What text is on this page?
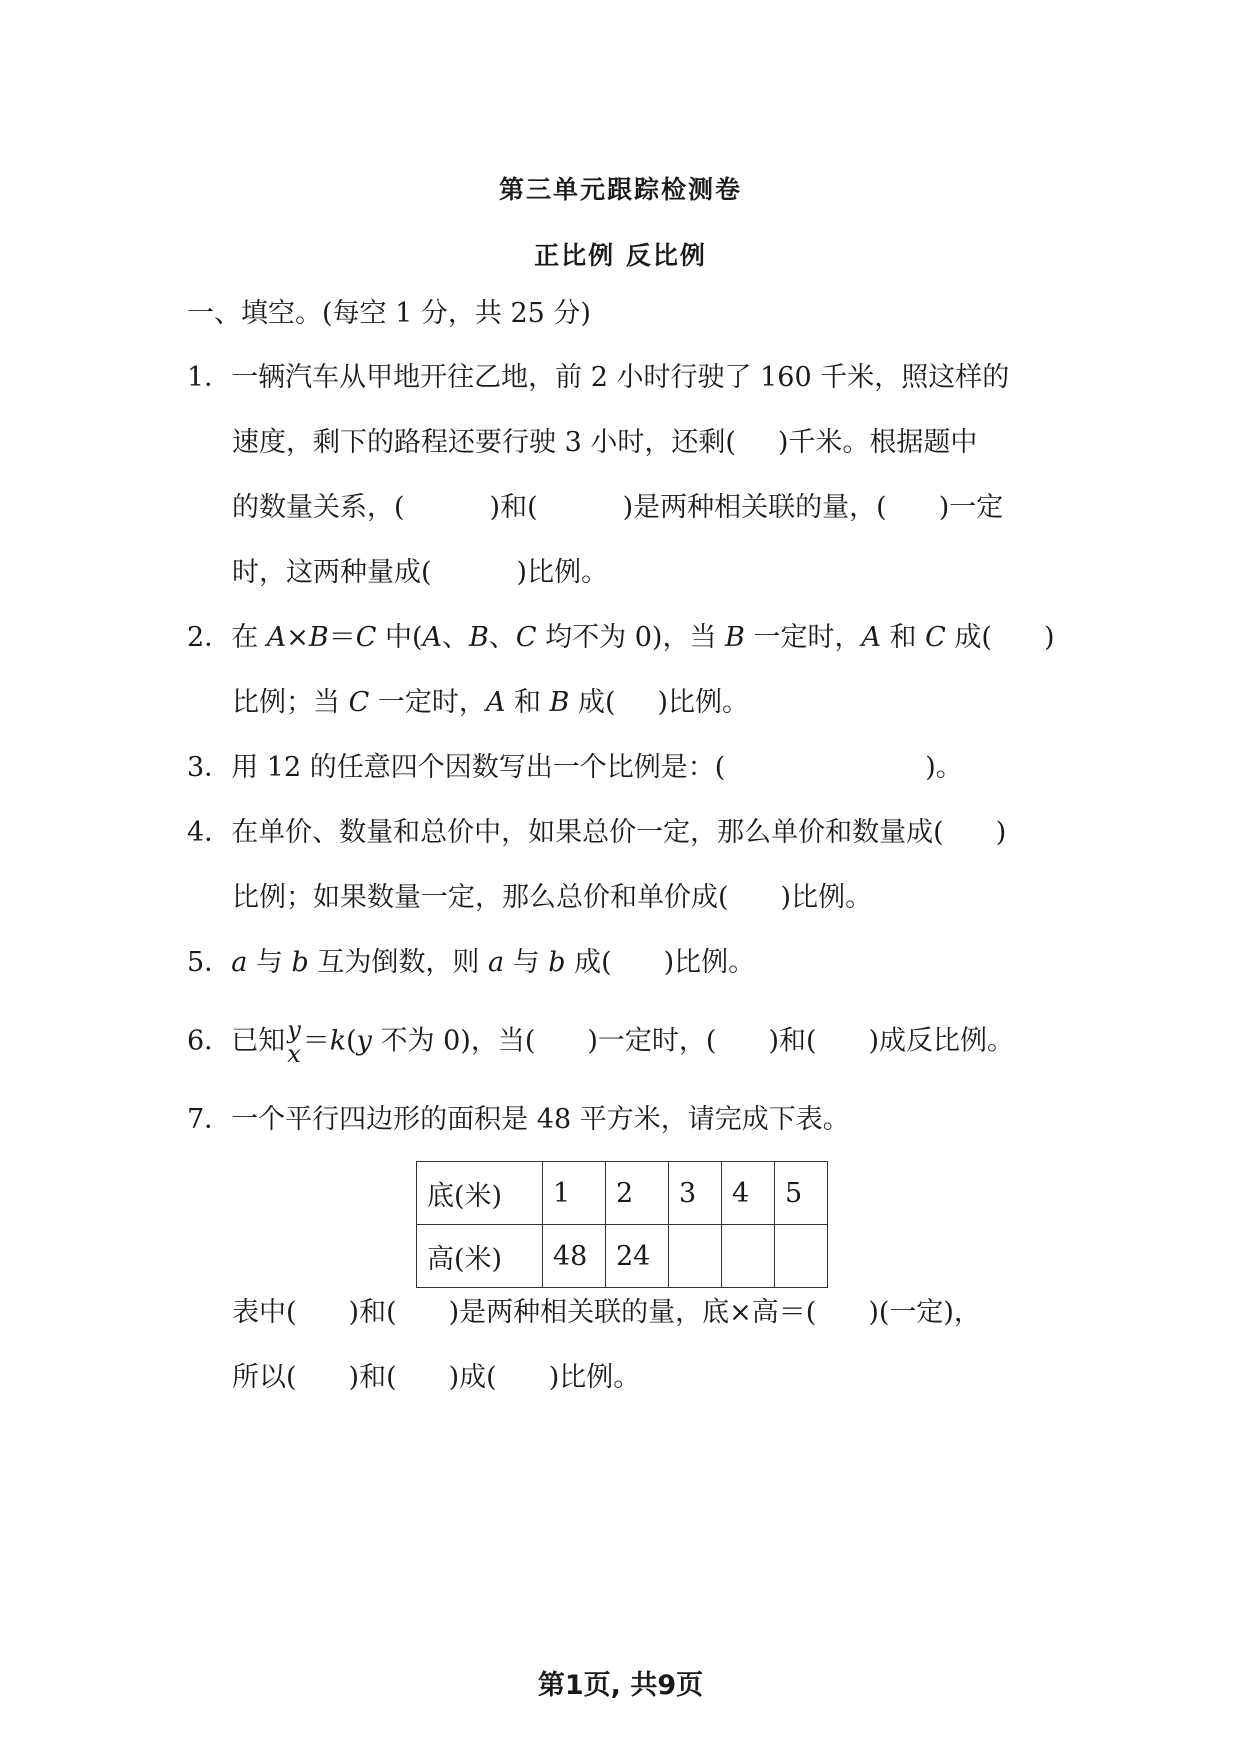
第三单元跟踪检测卷
正比例 反比例
一、填空。(每空 1 分，共 25 分)
1．一辆汽车从甲地开往乙地，前 2 小时行驶了 160 千米，照这样的
速度，剩下的路程还要行驶 3 小时，还剩( )千米。根据题中
的数量关系，(	)和(	)是两种相关联的量，( )一定
时，这两种量成(	)比例。
2．在 A×B＝C 中(A、B、C 均不为 0)，当 B 一定时，A 和 C 成( )
比例；当 C 一定时，A 和 B 成( )比例。
3．用 12 的任意四个因数写出一个比例是：(	)。
4．在单价、数量和总价中，如果总价一定，那么单价和数量成( )
比例；如果数量一定，那么总价和单价成( )比例。
5．a 与 b 互为倒数，则 a 与 b 成( )比例。
6．已知 y
x ＝k(y 不为 0)，当( )一定时，( )和( )成反比例。
7．一个平行四边形的面积是 48 平方米，请完成下表。
底(米)	1	2	3	4	5
高(米)	48	24			
表中( )和( )是两种相关联的量，底×高＝( )(一定)，
所以( )和( )成( )比例。
第1页, 共9页
